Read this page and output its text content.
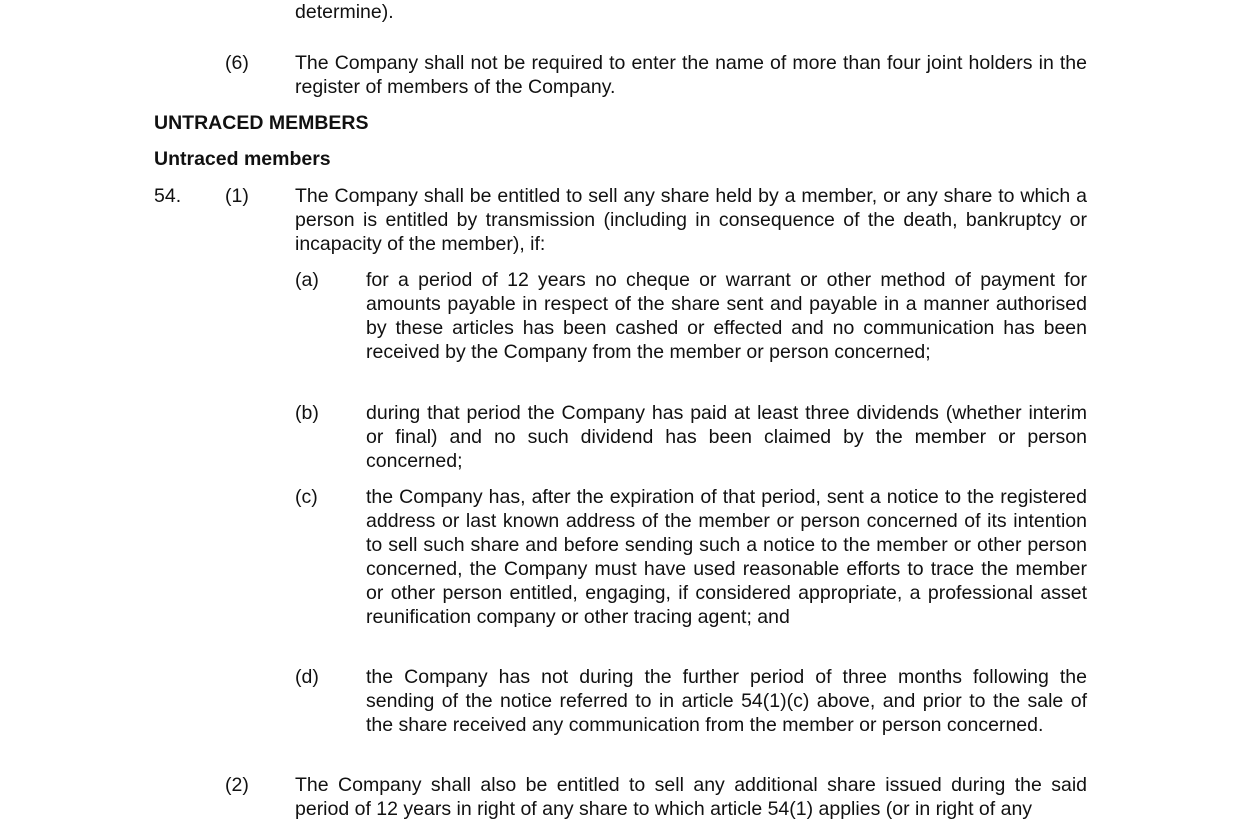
determine).
(6) The Company shall not be required to enter the name of more than four joint holders in the register of members of the Company.
UNTRACED MEMBERS
Untraced members
54. (1) The Company shall be entitled to sell any share held by a member, or any share to which a person is entitled by transmission (including in consequence of the death, bankruptcy or incapacity of the member), if:
(a) for a period of 12 years no cheque or warrant or other method of payment for amounts payable in respect of the share sent and payable in a manner authorised by these articles has been cashed or effected and no communication has been received by the Company from the member or person concerned;
(b) during that period the Company has paid at least three dividends (whether interim or final) and no such dividend has been claimed by the member or person concerned;
(c) the Company has, after the expiration of that period, sent a notice to the registered address or last known address of the member or person concerned of its intention to sell such share and before sending such a notice to the member or other person concerned, the Company must have used reasonable efforts to trace the member or other person entitled, engaging, if considered appropriate, a professional asset reunification company or other tracing agent; and
(d) the Company has not during the further period of three months following the sending of the notice referred to in article 54(1)(c) above, and prior to the sale of the share received any communication from the member or person concerned.
(2) The Company shall also be entitled to sell any additional share issued during the said period of 12 years in right of any share to which article 54(1) applies (or in right of any
